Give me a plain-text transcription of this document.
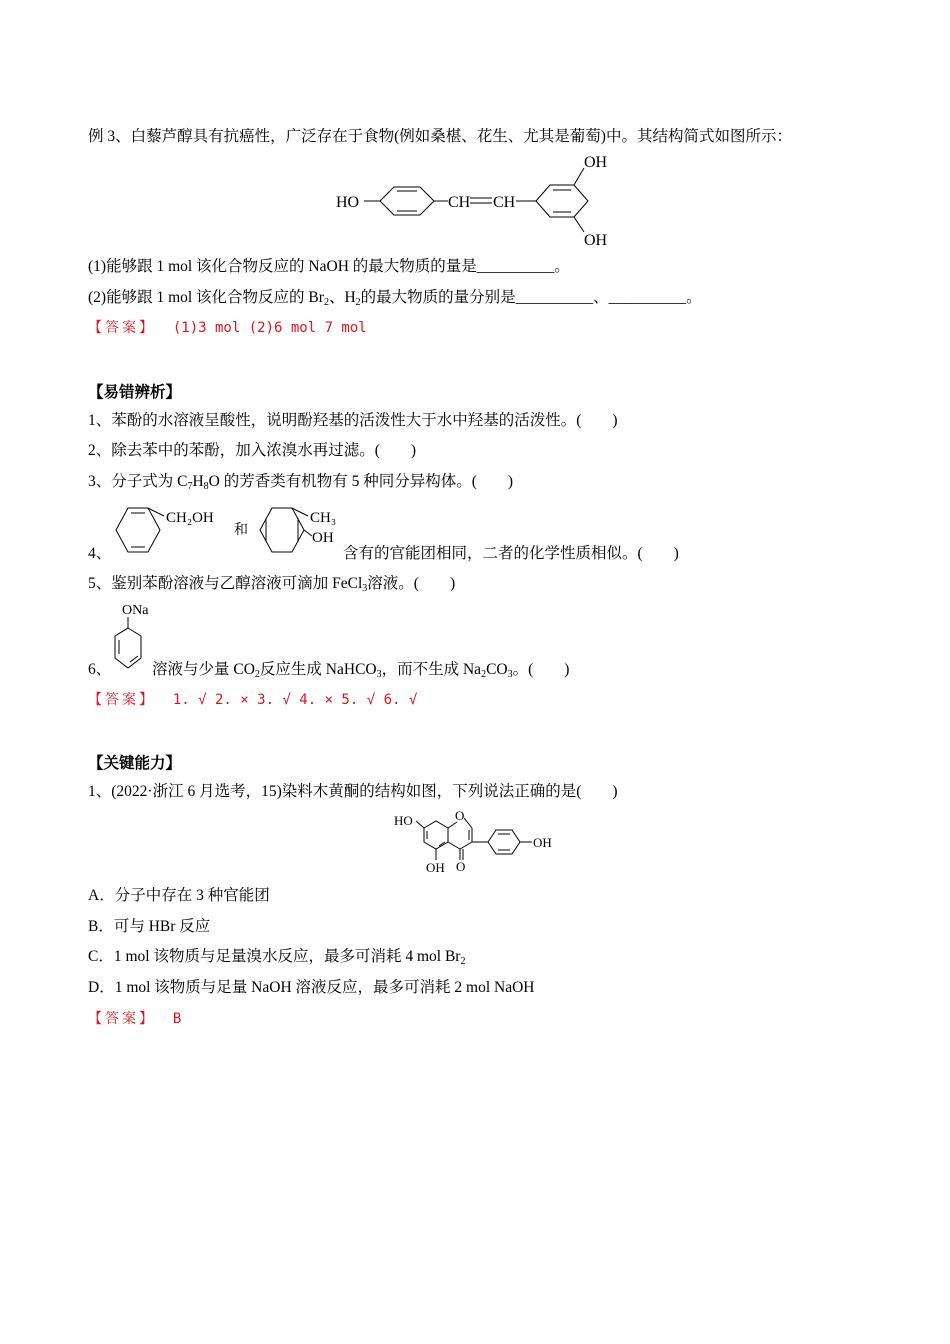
例 3、白藜芦醇具有抗癌性，广泛存在于食物(例如桑椹、花生、尤其是葡萄)中。其结构简式如图所示：
HO	CH CH
OH
OH
(1)能够跟 1 mol 该化合物反应的 NaOH 的最大物质的量是__________。
(2)能够跟 1 mol 该化合物反应的 $Br_2$、$H_2$的最大物质的量分别是__________、__________。
【答案】 (1)3 mol (2)6 mol 7 mol
【易错辨析】
1、苯酚的水溶液呈酸性，说明酚羟基的活泼性大于水中羟基的活泼性。(　　)
2、除去苯中的苯酚，加入浓溴水再过滤。(　　)
3、分子式为 $C_7H_8O$ 的芳香类有机物有 5 种同分异构体。(　　)
4、
CH₂OH
和
CH₃
OH
含有的官能团相同，二者的化学性质相似。(　　)
5、鉴别苯酚溶液与乙醇溶液可滴加 FeCl$_3$溶液。(　　)
6、
ONa
溶液与少量 $CO_2$反应生成 NaHCO$_3$，而不生成 $Na_2CO_3$。(　　)
【答案】 1. √ 2. × 3. √ 4. × 5. √ 6. √
【关键能力】
1、(2022·浙江 6 月选考，15)染料木黄酮的结构如图，下列说法正确的是(　　)
HO	O
O
OH
OH
A．分子中存在 3 种官能团
B．可与 HBr 反应
C．1 mol 该物质与足量溴水反应，最多可消耗 4 mol $Br_2$
D．1 mol 该物质与足量 NaOH 溶液反应，最多可消耗 2 mol NaOH
【答案】 B
